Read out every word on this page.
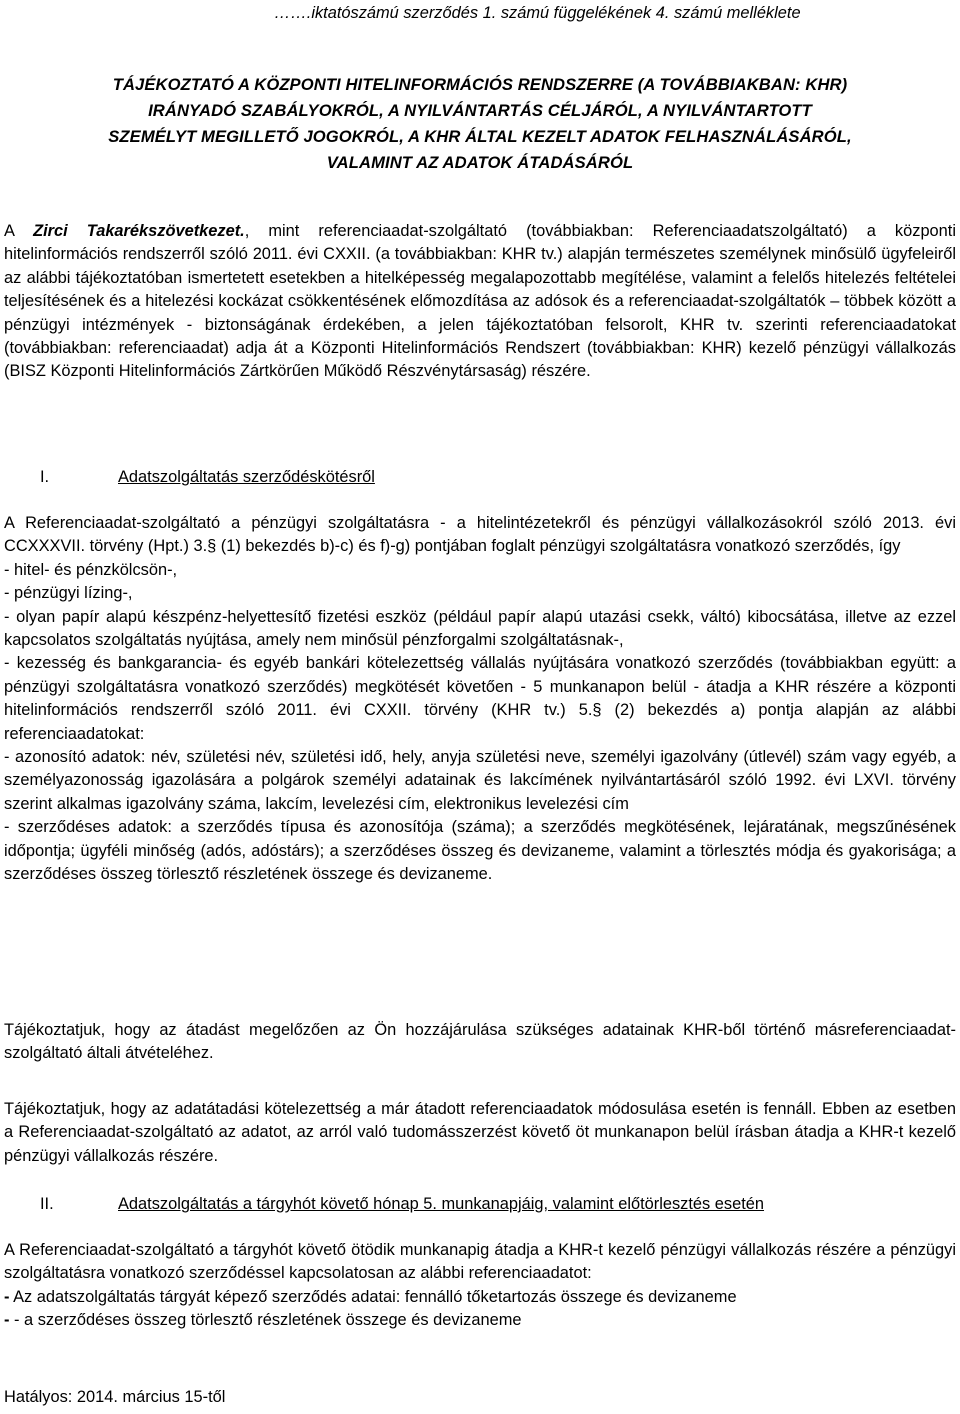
…….iktatószámú szerződés 1. számú függelékének 4. számú melléklete
TÁJÉKOZTATÓ A KÖZPONTI HITELINFORMÁCIÓS RENDSZERRE (A TOVÁBBIAKBAN: KHR)
IRÁNYADÓ SZABÁLYOKRÓL, A NYILVÁNTARTÁS CÉLJÁRÓL, A NYILVÁNTARTOTT
SZEMÉLYT MEGILLETŐ JOGOKRÓL, A KHR ÁLTAL KEZELT ADATOK FELHASZNÁLÁSÁRÓL,
VALAMINT AZ ADATOK ÁTADÁSÁRÓL

A Zirci Takarékszövetkezet., mint referenciaadat-szolgáltató (továbbiakban: Referenciaadatszolgáltató) a központi hitelinformációs rendszerről szóló 2011. évi CXXII. (a továbbiakban: KHR tv.) alapján természetes személynek minősülő ügyfeleiről az alábbi tájékoztatóban ismertetett esetekben a hitelképesség megalapozottabb megítélése, valamint a felelős hitelezés feltételei teljesítésének és a hitelezési kockázat csökkentésének előmozdítása az adósok és a referenciaadat-szolgáltatók – többek között a pénzügyi intézmények - biztonságának érdekében, a jelen tájékoztatóban felsorolt, KHR tv. szerinti referenciaadatokat (továbbiakban: referenciaadat) adja át a Központi Hitelinformációs Rendszert (továbbiakban: KHR) kezelő pénzügyi vállalkozás (BISZ Központi Hitelinformációs Zártkörűen Működő Részvénytársaság) részére.

I.	Adatszolgáltatás szerződéskötésről

A Referenciaadat-szolgáltató a pénzügyi szolgáltatásra - a hitelintézetekről és pénzügyi vállalkozásokról szóló 2013. évi CCXXXVII. törvény (Hpt.) 3.§ (1) bekezdés b)-c) és f)-g) pontjában foglalt pénzügyi szolgáltatásra vonatkozó szerződés, így

- hitel- és pénzkölcsön-,

- pénzügyi lízing-,

- olyan papír alapú készpénz-helyettesítő fizetési eszköz (például papír alapú utazási csekk, váltó) kibocsátása, illetve az ezzel kapcsolatos szolgáltatás nyújtása, amely nem minősül pénzforgalmi szolgáltatásnak-,

- kezesség és bankgarancia- és egyéb bankári kötelezettség vállalás nyújtására vonatkozó szerződés (továbbiakban együtt: a pénzügyi szolgáltatásra vonatkozó szerződés) megkötését követően - 5 munkanapon belül - átadja a KHR részére a központi hitelinformációs rendszerről szóló 2011. évi CXXII. törvény (KHR tv.) 5.§ (2) bekezdés a) pontja alapján az alábbi referenciaadatokat:

- azonosító adatok: név, születési név, születési idő, hely, anyja születési neve, személyi igazolvány (útlevél) szám vagy egyéb, a személyazonosság igazolására a polgárok személyi adatainak és lakcímének nyilvántartásáról szóló 1992. évi LXVI. törvény szerint alkalmas igazolvány száma, lakcím, levelezési cím, elektronikus levelezési cím

- szerződéses adatok: a szerződés típusa és azonosítója (száma); a szerződés megkötésének, lejáratának, megszűnésének időpontja; ügyféli minőség (adós, adóstárs); a szerződéses összeg és devizaneme, valamint a törlesztés módja és gyakorisága; a szerződéses összeg törlesztő részletének összege és devizaneme.

Tájékoztatjuk, hogy az átadást megelőzően az Ön hozzájárulása szükséges adatainak KHR-ből történő másreferenciaadat-szolgáltató általi átvételéhez.

Tájékoztatjuk, hogy az adatátadási kötelezettség a már átadott referenciaadatok módosulása esetén is fennáll. Ebben az esetben a Referenciaadat-szolgáltató az adatot, az arról való tudomásszerzést követő öt munkanapon belül írásban átadja a KHR-t kezelő pénzügyi vállalkozás részére.

II.	Adatszolgáltatás a tárgyhót követő hónap 5. munkanapjáig, valamint előtörlesztés esetén

A Referenciaadat-szolgáltató a tárgyhót követő ötödik munkanapig átadja a KHR-t kezelő pénzügyi vállalkozás részére a pénzügyi szolgáltatásra vonatkozó szerződéssel kapcsolatosan az alábbi referenciaadatot:

- Az adatszolgáltatás tárgyát képező szerződés adatai: fennálló tőketartozás összege és devizaneme

- - a szerződéses összeg törlesztő részletének összege és devizaneme

Hatályos: 2014. március 15-től
